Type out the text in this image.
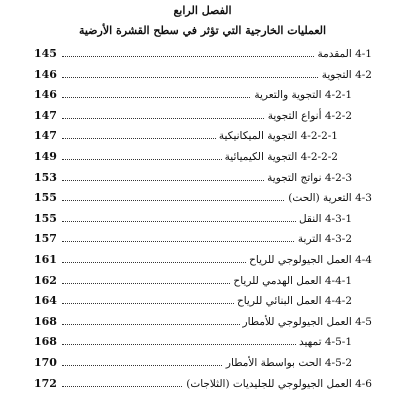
الفصل الرابع
العمليات الخارجية التي تؤثر في سطح القشرة الأرضية
145	4-1 المقدمة
146	4-2 التجوية
146	4-2-1 التجوية والتعرية
147	4-2-2 أنواع التجوية
147	4-2-2-1 التجوية الميكانيكية
149	4-2-2-2 التجوية الكيميائية
153	4-2-3 نواتج التجوية
155	4-3 التعرية (الحت)
155	4-3-1 النقل
157	4-3-2 التربة
161	4-4 العمل الجيولوجي للرياح
162	4-4-1 العمل الهدمي للرياح
164	4-4-2 العمل البنائي للرياح
168	4-5 العمل الجيولوجي للأمطار
168	4-5-1 تمهيد
170	4-5-2 الحت بواسطة الأمطار
172	4-6 العمل الجيولوجي للجليديات (الثلاجات)
